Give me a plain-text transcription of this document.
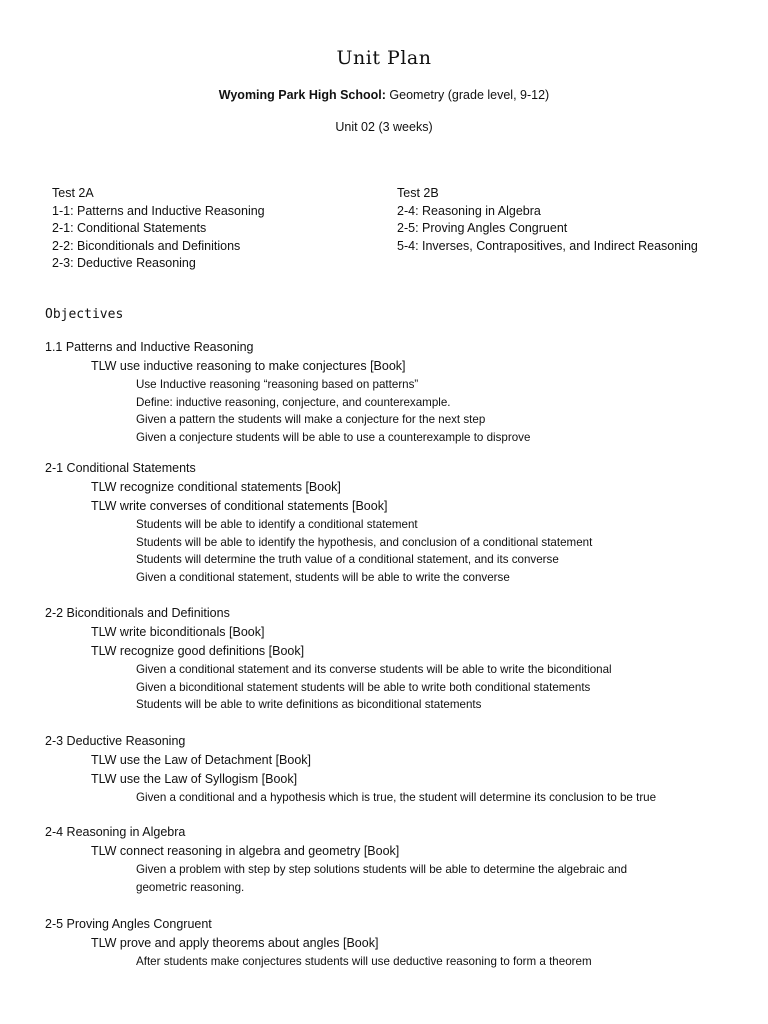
Unit Plan
Wyoming Park High School: Geometry (grade level, 9-12)
Unit 02 (3 weeks)
Test 2A
1-1: Patterns and Inductive Reasoning
2-1: Conditional Statements
2-2: Biconditionals and Definitions
2-3: Deductive Reasoning
Test 2B
2-4: Reasoning in Algebra
2-5: Proving Angles Congruent
5-4: Inverses, Contrapositives, and Indirect Reasoning
Objectives
1.1 Patterns and Inductive Reasoning
TLW use inductive reasoning to make conjectures [Book]
Use Inductive reasoning “reasoning based on patterns”
Define: inductive reasoning, conjecture, and counterexample.
Given a pattern the students will make a conjecture for the next step
Given a conjecture students will be able to use a counterexample to disprove
2-1 Conditional Statements
TLW recognize conditional statements [Book]
TLW write converses of conditional statements [Book]
Students will be able to identify a conditional statement
Students will be able to identify the hypothesis, and conclusion of a conditional statement
Students will determine the truth value of a conditional statement, and its converse
Given a conditional statement, students will be able to write the converse
2-2 Biconditionals and Definitions
TLW write biconditionals [Book]
TLW recognize good definitions [Book]
Given a conditional statement and its converse students will be able to write the biconditional
Given a biconditional statement students will be able to write both conditional statements
Students will be able to write definitions as biconditional statements
2-3 Deductive Reasoning
TLW use the Law of Detachment [Book]
TLW use the Law of Syllogism [Book]
Given a conditional and a hypothesis which is true, the student will determine its conclusion to be true
2-4 Reasoning in Algebra
TLW connect reasoning in algebra and geometry [Book]
Given a problem with step by step solutions students will be able to determine the algebraic and
geometric reasoning.
2-5 Proving Angles Congruent
TLW prove and apply theorems about angles [Book]
After students make conjectures students will use deductive reasoning to form a theorem
